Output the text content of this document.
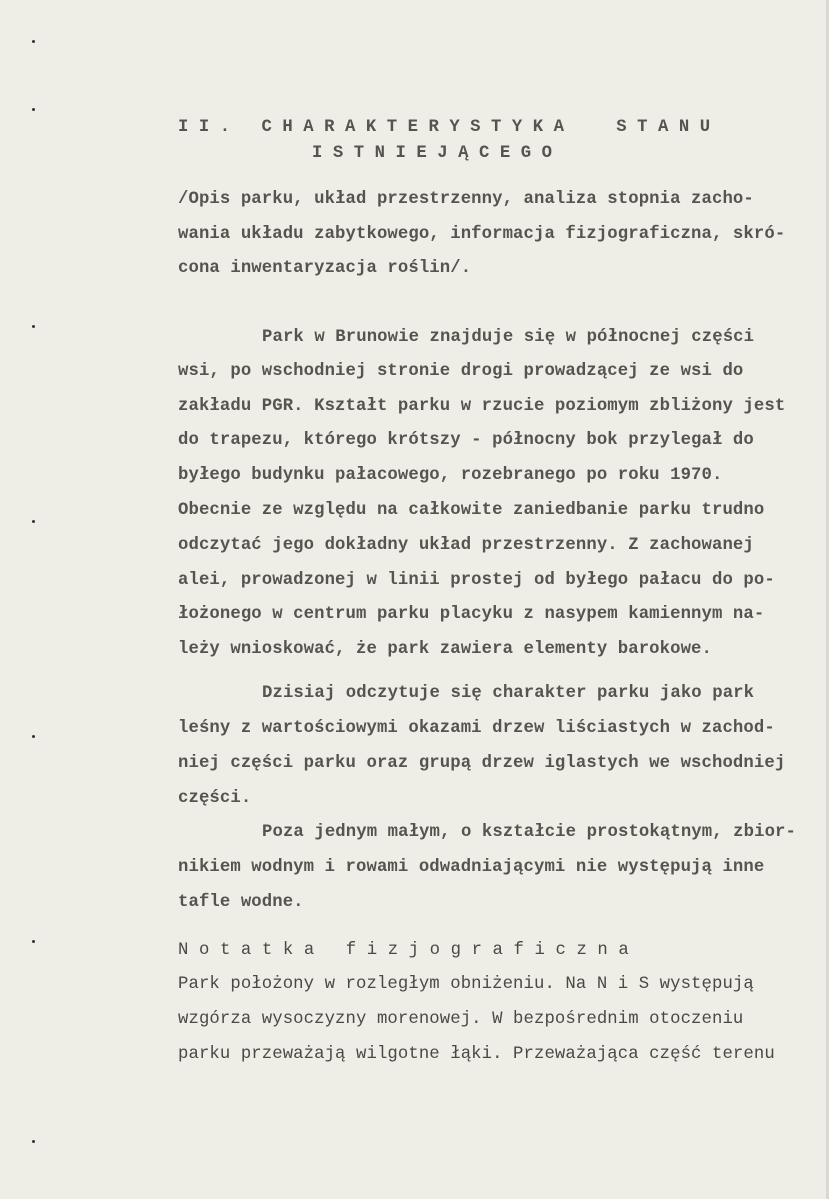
II. CHARAKTERYSTYKA  STANU
ISTNIEJĄCEGO
/Opis parku, układ przestrzenny, analiza stopnia zacho-
wania układu zabytkowego, informacja fizjograficzna, skró-
cona inwentaryzacja roślin/.
Park w Brunowie znajduje się w północnej części
wsi, po wschodniej stronie drogi prowadzącej ze wsi do
zakładu PGR. Kształt parku w rzucie poziomym zbliżony jest
do trapezu, którego krótszy - północny bok przylegał do
byłego budynku pałacowego, rozebranego po roku 1970.
Obecnie ze względu na całkowite zaniedbanie parku trudno
odczytać jego dokładny układ przestrzenny. Z zachowanej
alei, prowadzonej w linii prostej od byłego pałacu do po-
łożonego w centrum parku placyku z nasypem kamiennym na-
leży wnioskować, że park zawiera elementy barokowe.
Dzisiaj odczytuje się charakter parku jako park
leśny z wartościowymi okazami drzew liściastych w zachod-
niej części parku oraz grupą drzew iglastych we wschodniej
części.
Poza jednym małym, o kształcie prostokątnym, zbior-
nikiem wodnym i rowami odwadniającymi nie występują inne
tafle wodne.
Notatka fizjograficzna
Park położony w rozległym obniżeniu. Na N i S występują
wzgórza wysoczyzny morenowej. W bezpośrednim otoczeniu
parku przeważają wilgotne łąki. Przeważająca część terenu
